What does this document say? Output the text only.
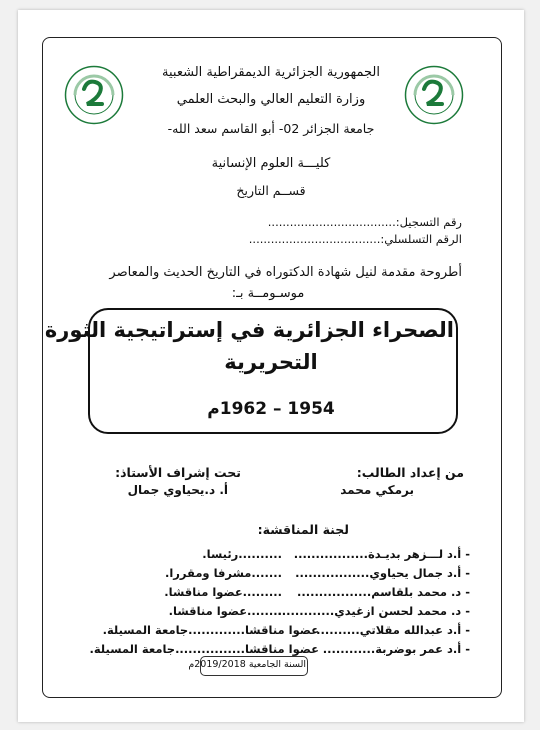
الجمهورية الجزائرية الديمقراطية الشعبية
وزارة التعليم العالي والبحث العلمي
جامعة الجزائر 02- أبو القاسم سعد الله-
كليـــة العلوم الإنسانية
قســم التاريخ
رقم التسجيل:...................................
الرقم التسلسلي:....................................
أطروحة مقدمة لنيل شهادة الدكتوراه في التاريخ الحديث والمعاصر
موسـومــة بـ:
الصحراء الجزائرية في إستراتيجية الثورة
التحريرية
1954 – 1962م
من إعداد الطالب:
برمكي محمد
تحت إشراف الأستاذ:
أ. د.يحياوي جمال
لجنة المناقشة:
- أ.د لـــزهر بديـدة.................
..........رئيسا.
- أ.د جمال يحياوي.................
.......مشرفا ومقررا.
- د. محمد بلقاسم.................
.........عضوا مناقشا.
- د. محمد لحسن ازغيدي.............
........عضوا مناقشا.
- أ.د عبدالله مقلاتي..........
عضوا مناقشا.............جامعة المسيلة.
- أ.د عمر بوضربة............
عضوا مناقشا................جامعة المسيلة.
السنة الجامعية 2019/2018م
